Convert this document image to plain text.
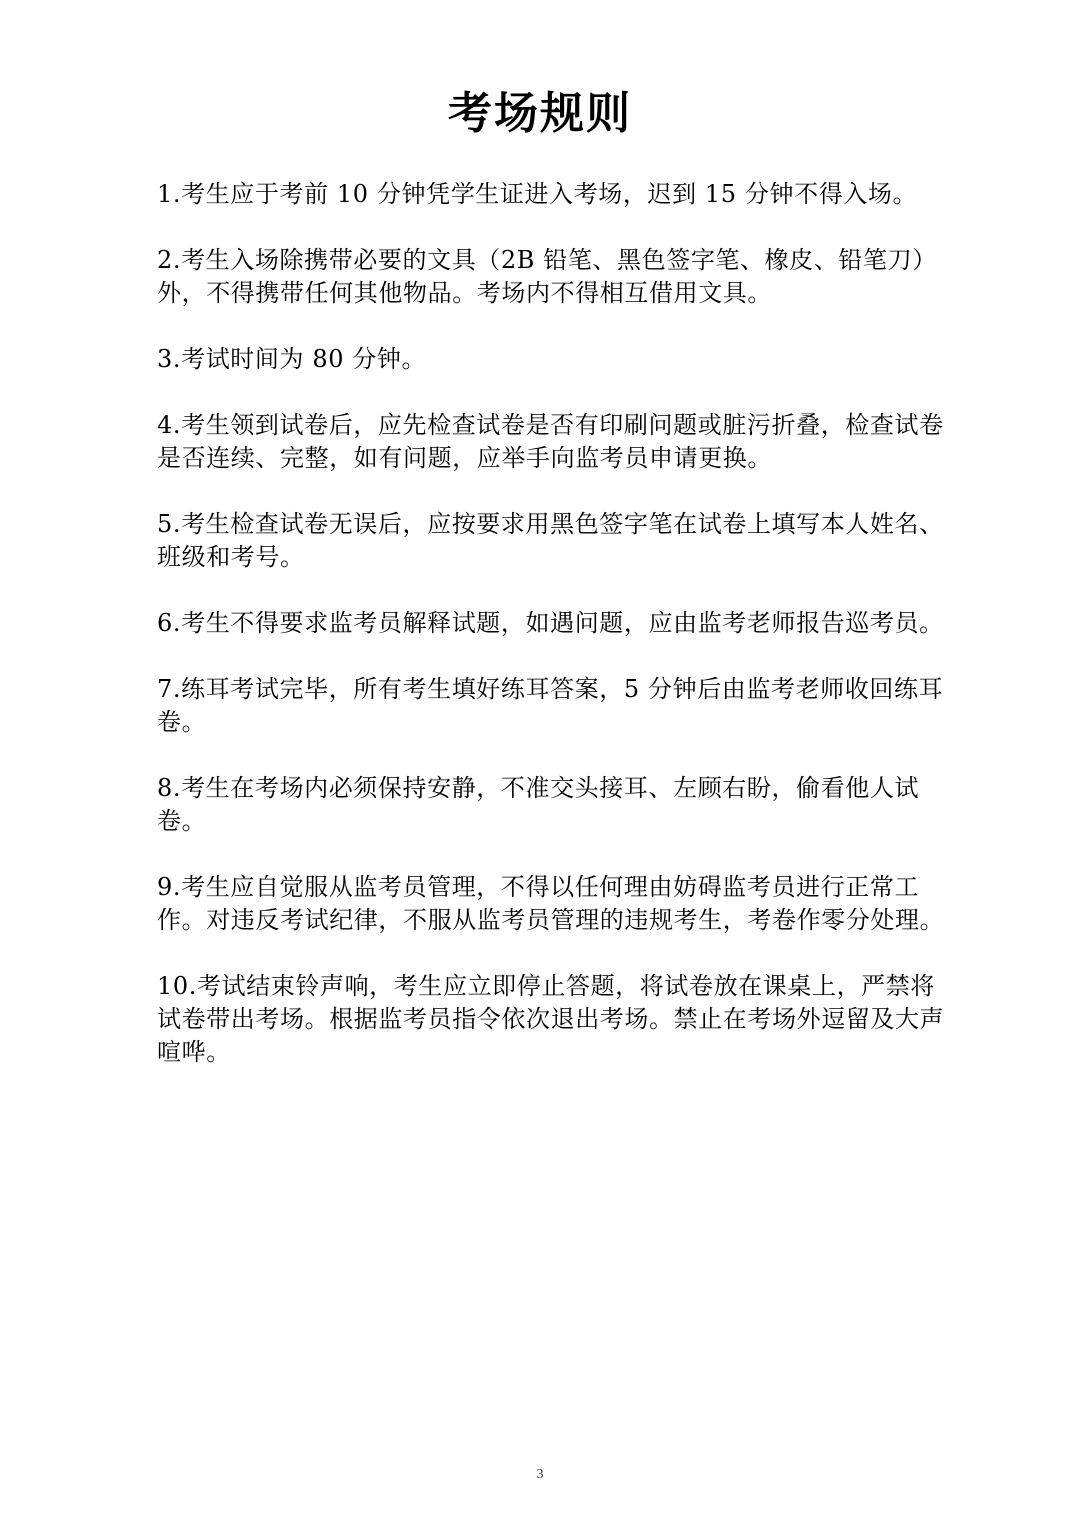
考场规则

1.考生应于考前 10 分钟凭学生证进入考场，迟到 15 分钟不得入场。

2.考生入场除携带必要的文具（2B 铅笔、黑色签字笔、橡皮、铅笔刀）外，不得携带任何其他物品。考场内不得相互借用文具。

3.考试时间为 80 分钟。

4.考生领到试卷后，应先检查试卷是否有印刷问题或脏污折叠，检查试卷是否连续、完整，如有问题，应举手向监考员申请更换。

5.考生检查试卷无误后，应按要求用黑色签字笔在试卷上填写本人姓名、班级和考号。

6.考生不得要求监考员解释试题，如遇问题，应由监考老师报告巡考员。

7.练耳考试完毕，所有考生填好练耳答案，5 分钟后由监考老师收回练耳卷。

8.考生在考场内必须保持安静，不准交头接耳、左顾右盼，偷看他人试卷。

9.考生应自觉服从监考员管理，不得以任何理由妨碍监考员进行正常工作。对违反考试纪律，不服从监考员管理的违规考生，考卷作零分处理。

10.考试结束铃声响，考生应立即停止答题，将试卷放在课桌上，严禁将试卷带出考场。根据监考员指令依次退出考场。禁止在考场外逗留及大声喧哗。

3
